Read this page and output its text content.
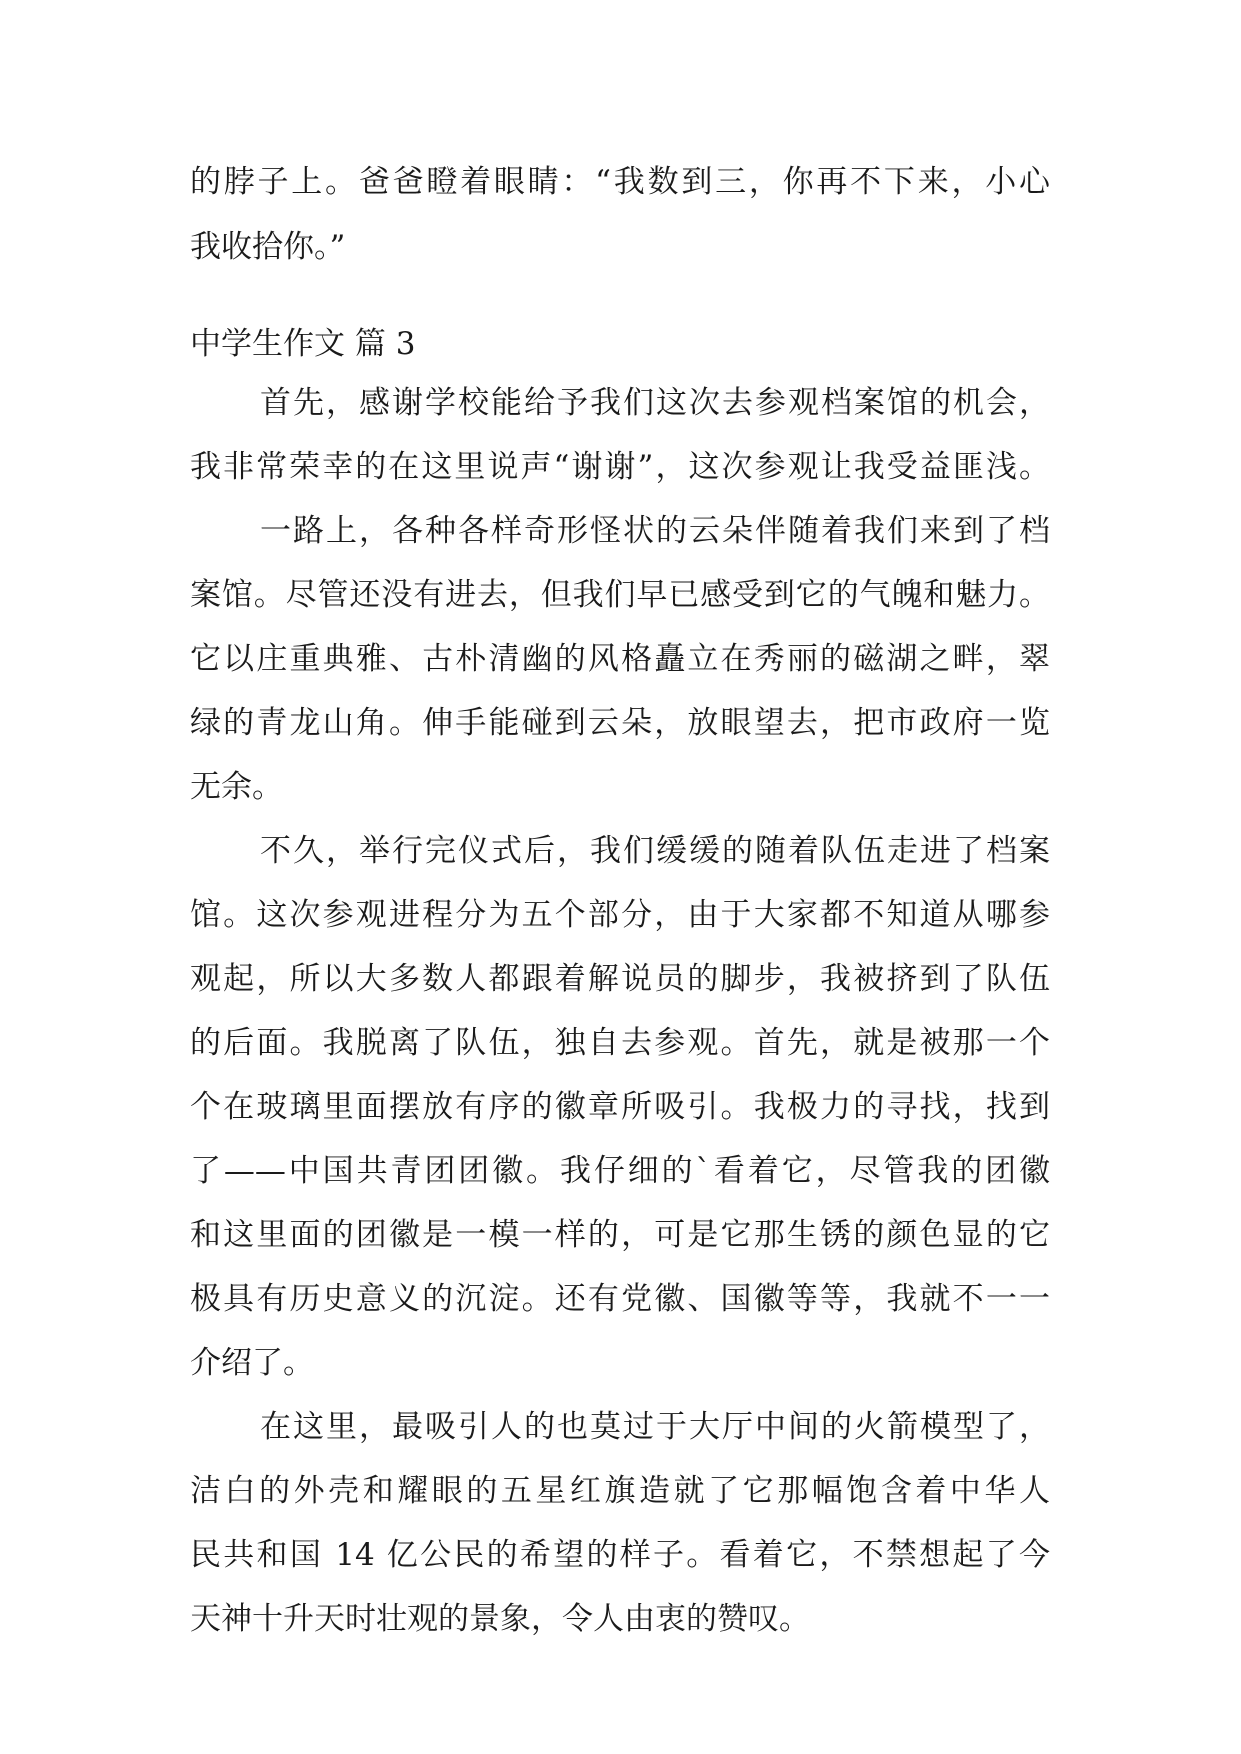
的脖子上。爸爸瞪着眼睛：“我数到三，你再不下来，小心
我收拾你。”
中学生作文 篇 3
首先，感谢学校能给予我们这次去参观档案馆的机会，
我非常荣幸的在这里说声“谢谢”，这次参观让我受益匪浅。
一路上，各种各样奇形怪状的云朵伴随着我们来到了档
案馆。尽管还没有进去，但我们早已感受到它的气魄和魅力。
它以庄重典雅、古朴清幽的风格矗立在秀丽的磁湖之畔，翠
绿的青龙山角。伸手能碰到云朵，放眼望去，把市政府一览
无余。
不久，举行完仪式后，我们缓缓的随着队伍走进了档案
馆。这次参观进程分为五个部分，由于大家都不知道从哪参
观起，所以大多数人都跟着解说员的脚步，我被挤到了队伍
的后面。我脱离了队伍，独自去参观。首先，就是被那一个
个在玻璃里面摆放有序的徽章所吸引。我极力的寻找，找到
了——中国共青团团徽。我仔细的`看着它，尽管我的团徽
和这里面的团徽是一模一样的，可是它那生锈的颜色显的它
极具有历史意义的沉淀。还有党徽、国徽等等，我就不一一
介绍了。
在这里，最吸引人的也莫过于大厅中间的火箭模型了，
洁白的外壳和耀眼的五星红旗造就了它那幅饱含着中华人
民共和国 14 亿公民的希望的样子。看着它，不禁想起了今
天神十升天时壮观的景象，令人由衷的赞叹。
